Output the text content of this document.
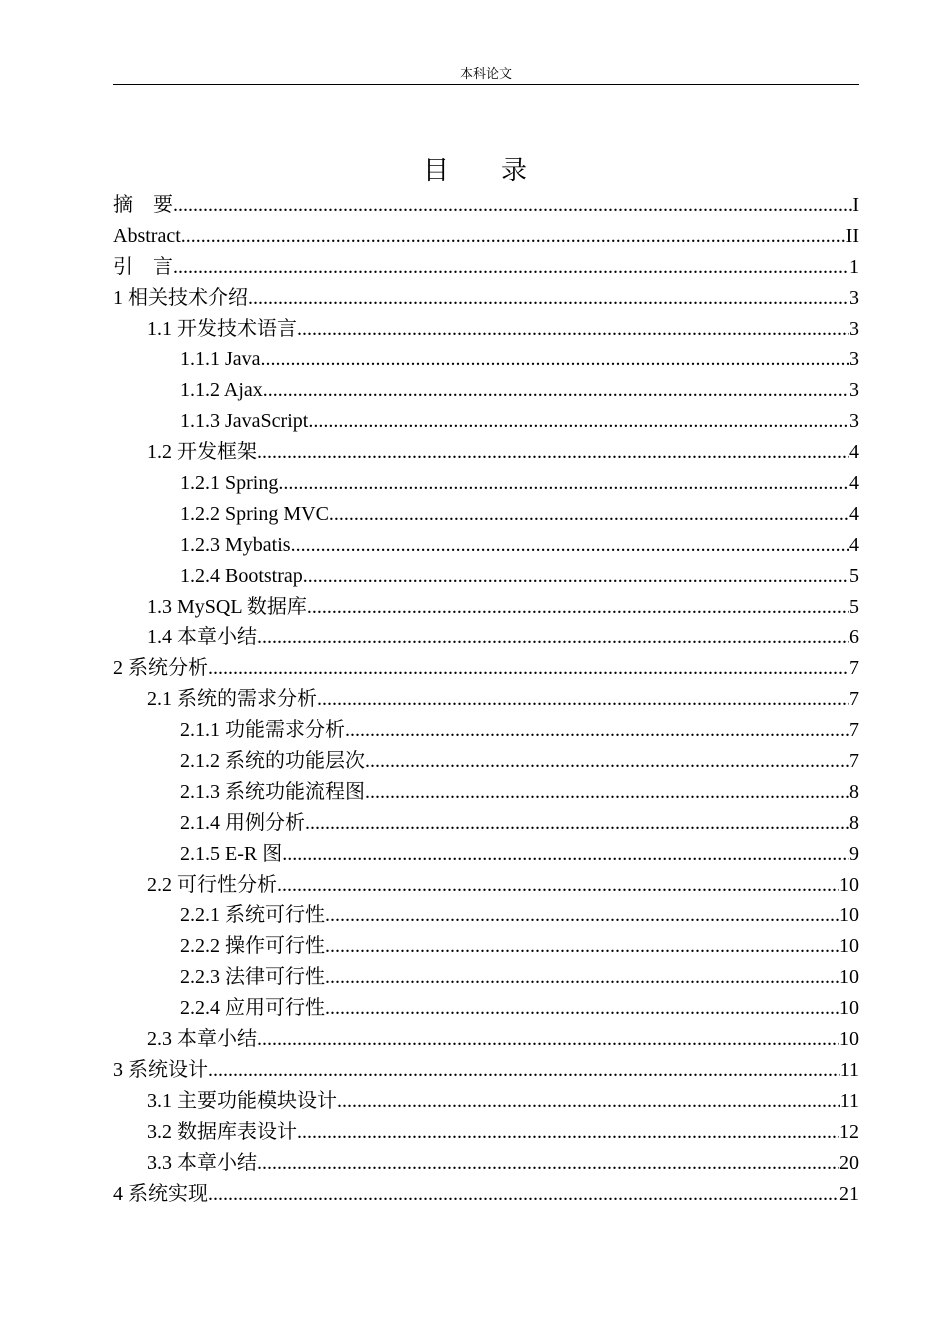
本科论文
目 录
摘　要 .....	I
Abstract .....	II
引　言 .....	1
1 相关技术介绍 .....	3
1.1 开发技术语言 .....	3
1.1.1 Java .....	3
1.1.2 Ajax .....	3
1.1.3 JavaScript .....	3
1.2 开发框架 .....	4
1.2.1 Spring .....	4
1.2.2 Spring MVC .....	4
1.2.3 Mybatis .....	4
1.2.4 Bootstrap .....	5
1.3 MySQL 数据库 .....	5
1.4 本章小结 .....	6
2 系统分析 .....	7
2.1 系统的需求分析 .....	7
2.1.1 功能需求分析 .....	7
2.1.2 系统的功能层次 .....	7
2.1.3 系统功能流程图 .....	8
2.1.4 用例分析 .....	8
2.1.5 E-R 图 .....	9
2.2 可行性分析 .....	10
2.2.1 系统可行性 .....	10
2.2.2 操作可行性 .....	10
2.2.3 法律可行性 .....	10
2.2.4 应用可行性 .....	10
2.3 本章小结 .....	10
3 系统设计 .....	11
3.1 主要功能模块设计 .....	11
3.2 数据库表设计 .....	12
3.3 本章小结 .....	20
4 系统实现 .....	21
